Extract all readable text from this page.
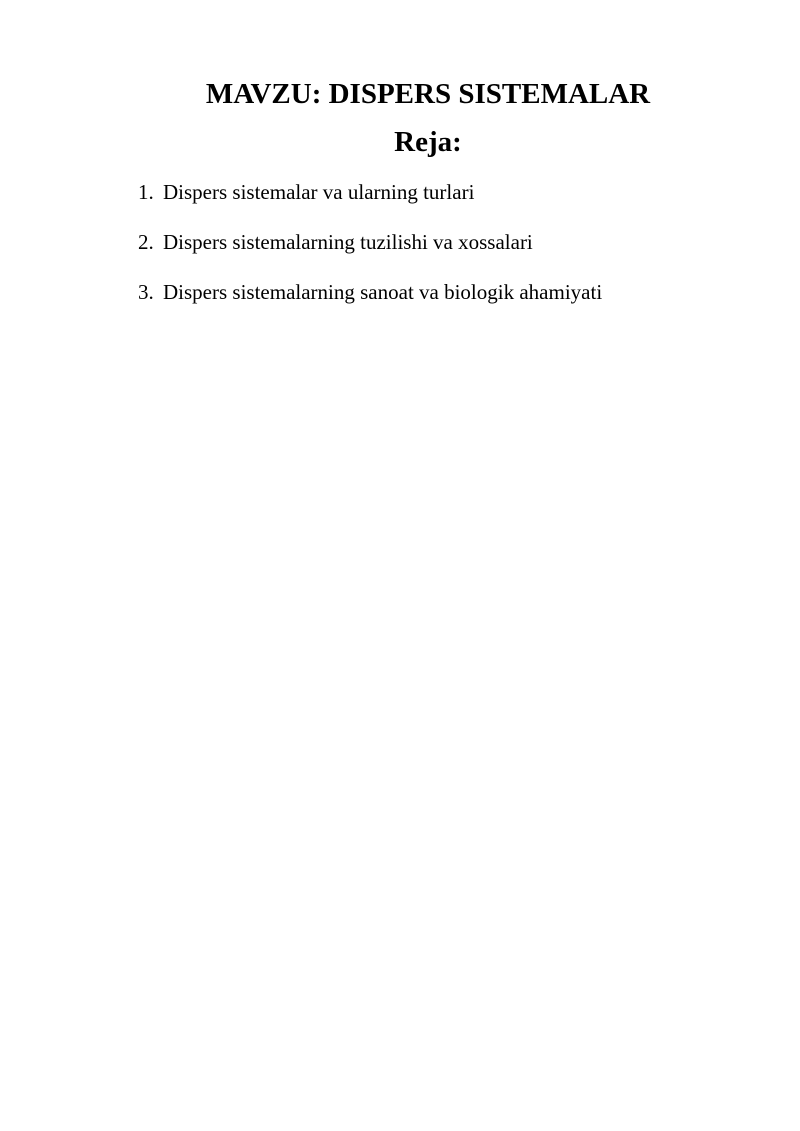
MAVZU: DISPERS SISTEMALAR
Reja:
1. Dispers sistemalar va ularning turlari
2. Dispers sistemalarning tuzilishi va xossalari
3. Dispers sistemalarning sanoat va biologik ahamiyati
